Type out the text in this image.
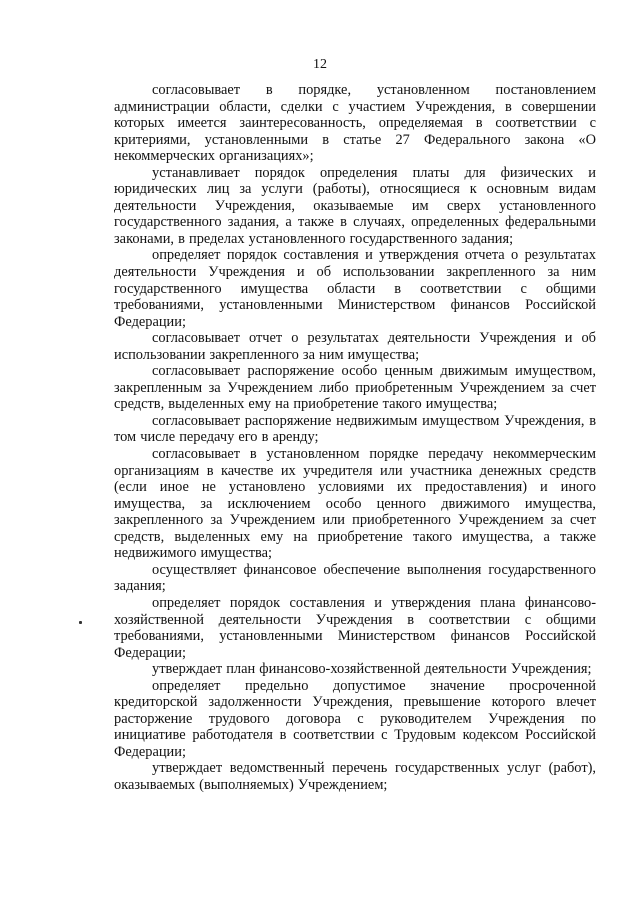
12

согласовывает в порядке, установленном постановлением администрации области, сделки с участием Учреждения, в совершении которых имеется заинтересованность, определяемая в соответствии с критериями, установленными в статье 27 Федерального закона «О некоммерческих организациях»;

устанавливает порядок определения платы для физических и юридических лиц за услуги (работы), относящиеся к основным видам деятельности Учреждения, оказываемые им сверх установленного государственного задания, а также в случаях, определенных федеральными законами, в пределах установленного государственного задания;

определяет порядок составления и утверждения отчета о результатах деятельности Учреждения и об использовании закрепленного за ним государственного имущества области в соответствии с общими требованиями, установленными Министерством финансов Российской Федерации;

согласовывает отчет о результатах деятельности Учреждения и об использовании закрепленного за ним имущества;

согласовывает распоряжение особо ценным движимым имуществом, закрепленным за Учреждением либо приобретенным Учреждением за счет средств, выделенных ему на приобретение такого имущества;

согласовывает распоряжение недвижимым имуществом Учреждения, в том числе передачу его в аренду;

согласовывает в установленном порядке передачу некоммерческим организациям в качестве их учредителя или участника денежных средств (если иное не установлено условиями их предоставления) и иного имущества, за исключением особо ценного движимого имущества, закрепленного за Учреждением или приобретенного Учреждением за счет средств, выделенных ему на приобретение такого имущества, а также недвижимого имущества;

осуществляет финансовое обеспечение выполнения государственного задания;

определяет порядок составления и утверждения плана финансово-хозяйственной деятельности Учреждения в соответствии с общими требованиями, установленными Министерством финансов Российской Федерации;

утверждает план финансово-хозяйственной деятельности Учреждения;

определяет предельно допустимое значение просроченной кредиторской задолженности Учреждения, превышение которого влечет расторжение трудового договора с руководителем Учреждения по инициативе работодателя в соответствии с Трудовым кодексом Российской Федерации;

утверждает ведомственный перечень государственных услуг (работ), оказываемых (выполняемых) Учреждением;
